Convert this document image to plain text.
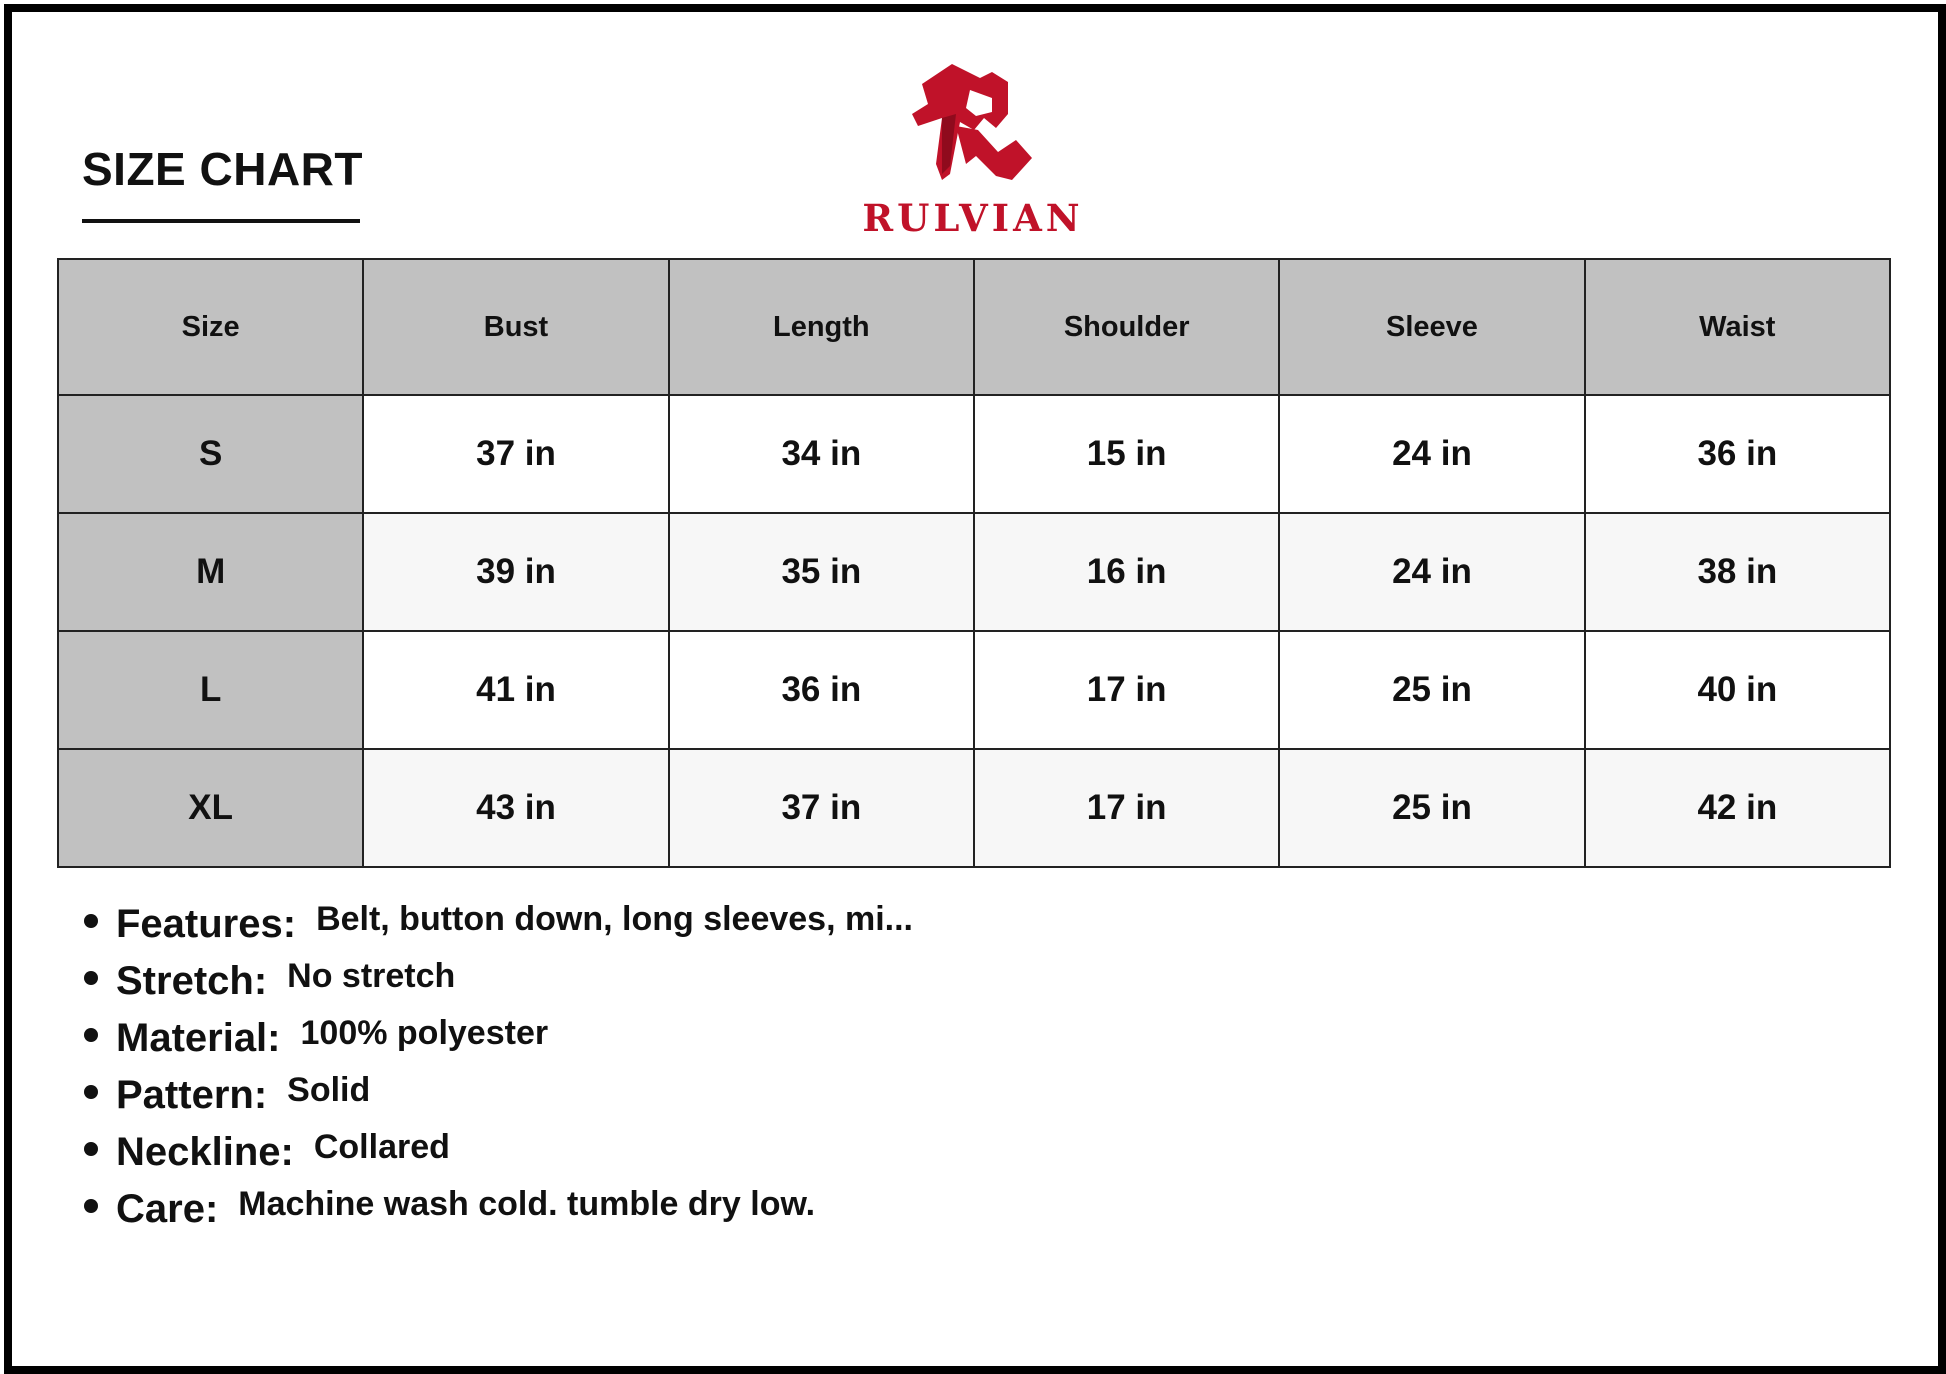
SIZE CHART
RULVIAN
Size	Bust	Length	Shoulder	Sleeve	Waist
S	37 in	34 in	15 in	24 in	36 in
M	39 in	35 in	16 in	24 in	38 in
L	41 in	36 in	17 in	25 in	40 in
XL	43 in	37 in	17 in	25 in	42 in
Features: Belt, button down, long sleeves, mi...
Stretch: No stretch
Material: 100% polyester
Pattern: Solid
Neckline: Collared
Care: Machine wash cold. tumble dry low.
